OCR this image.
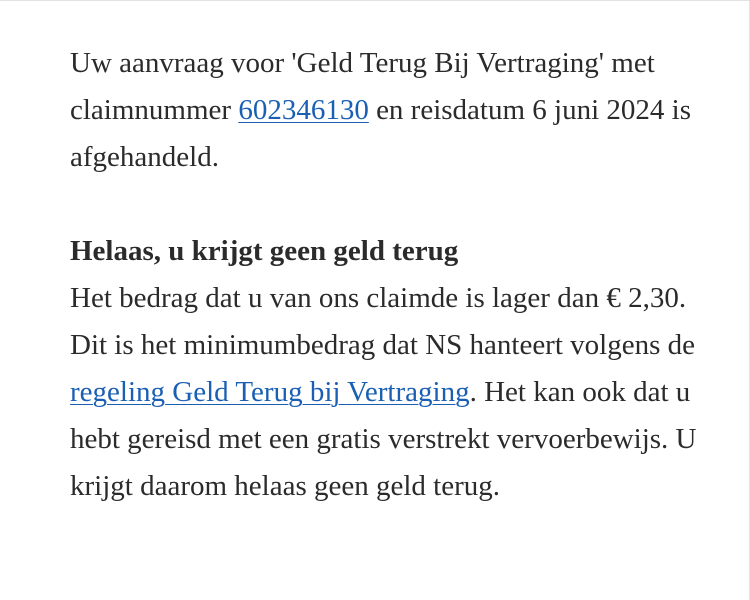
Uw aanvraag voor 'Geld Terug Bij Vertraging' met claimnummer 602346130 en reisdatum 6 juni 2024 is afgehandeld.

Helaas, u krijgt geen geld terug

Het bedrag dat u van ons claimde is lager dan € 2,30. Dit is het minimumbedrag dat NS hanteert volgens de regeling Geld Terug bij Vertraging. Het kan ook dat u hebt gereisd met een gratis verstrekt vervoerbewijs. U krijgt daarom helaas geen geld terug.
